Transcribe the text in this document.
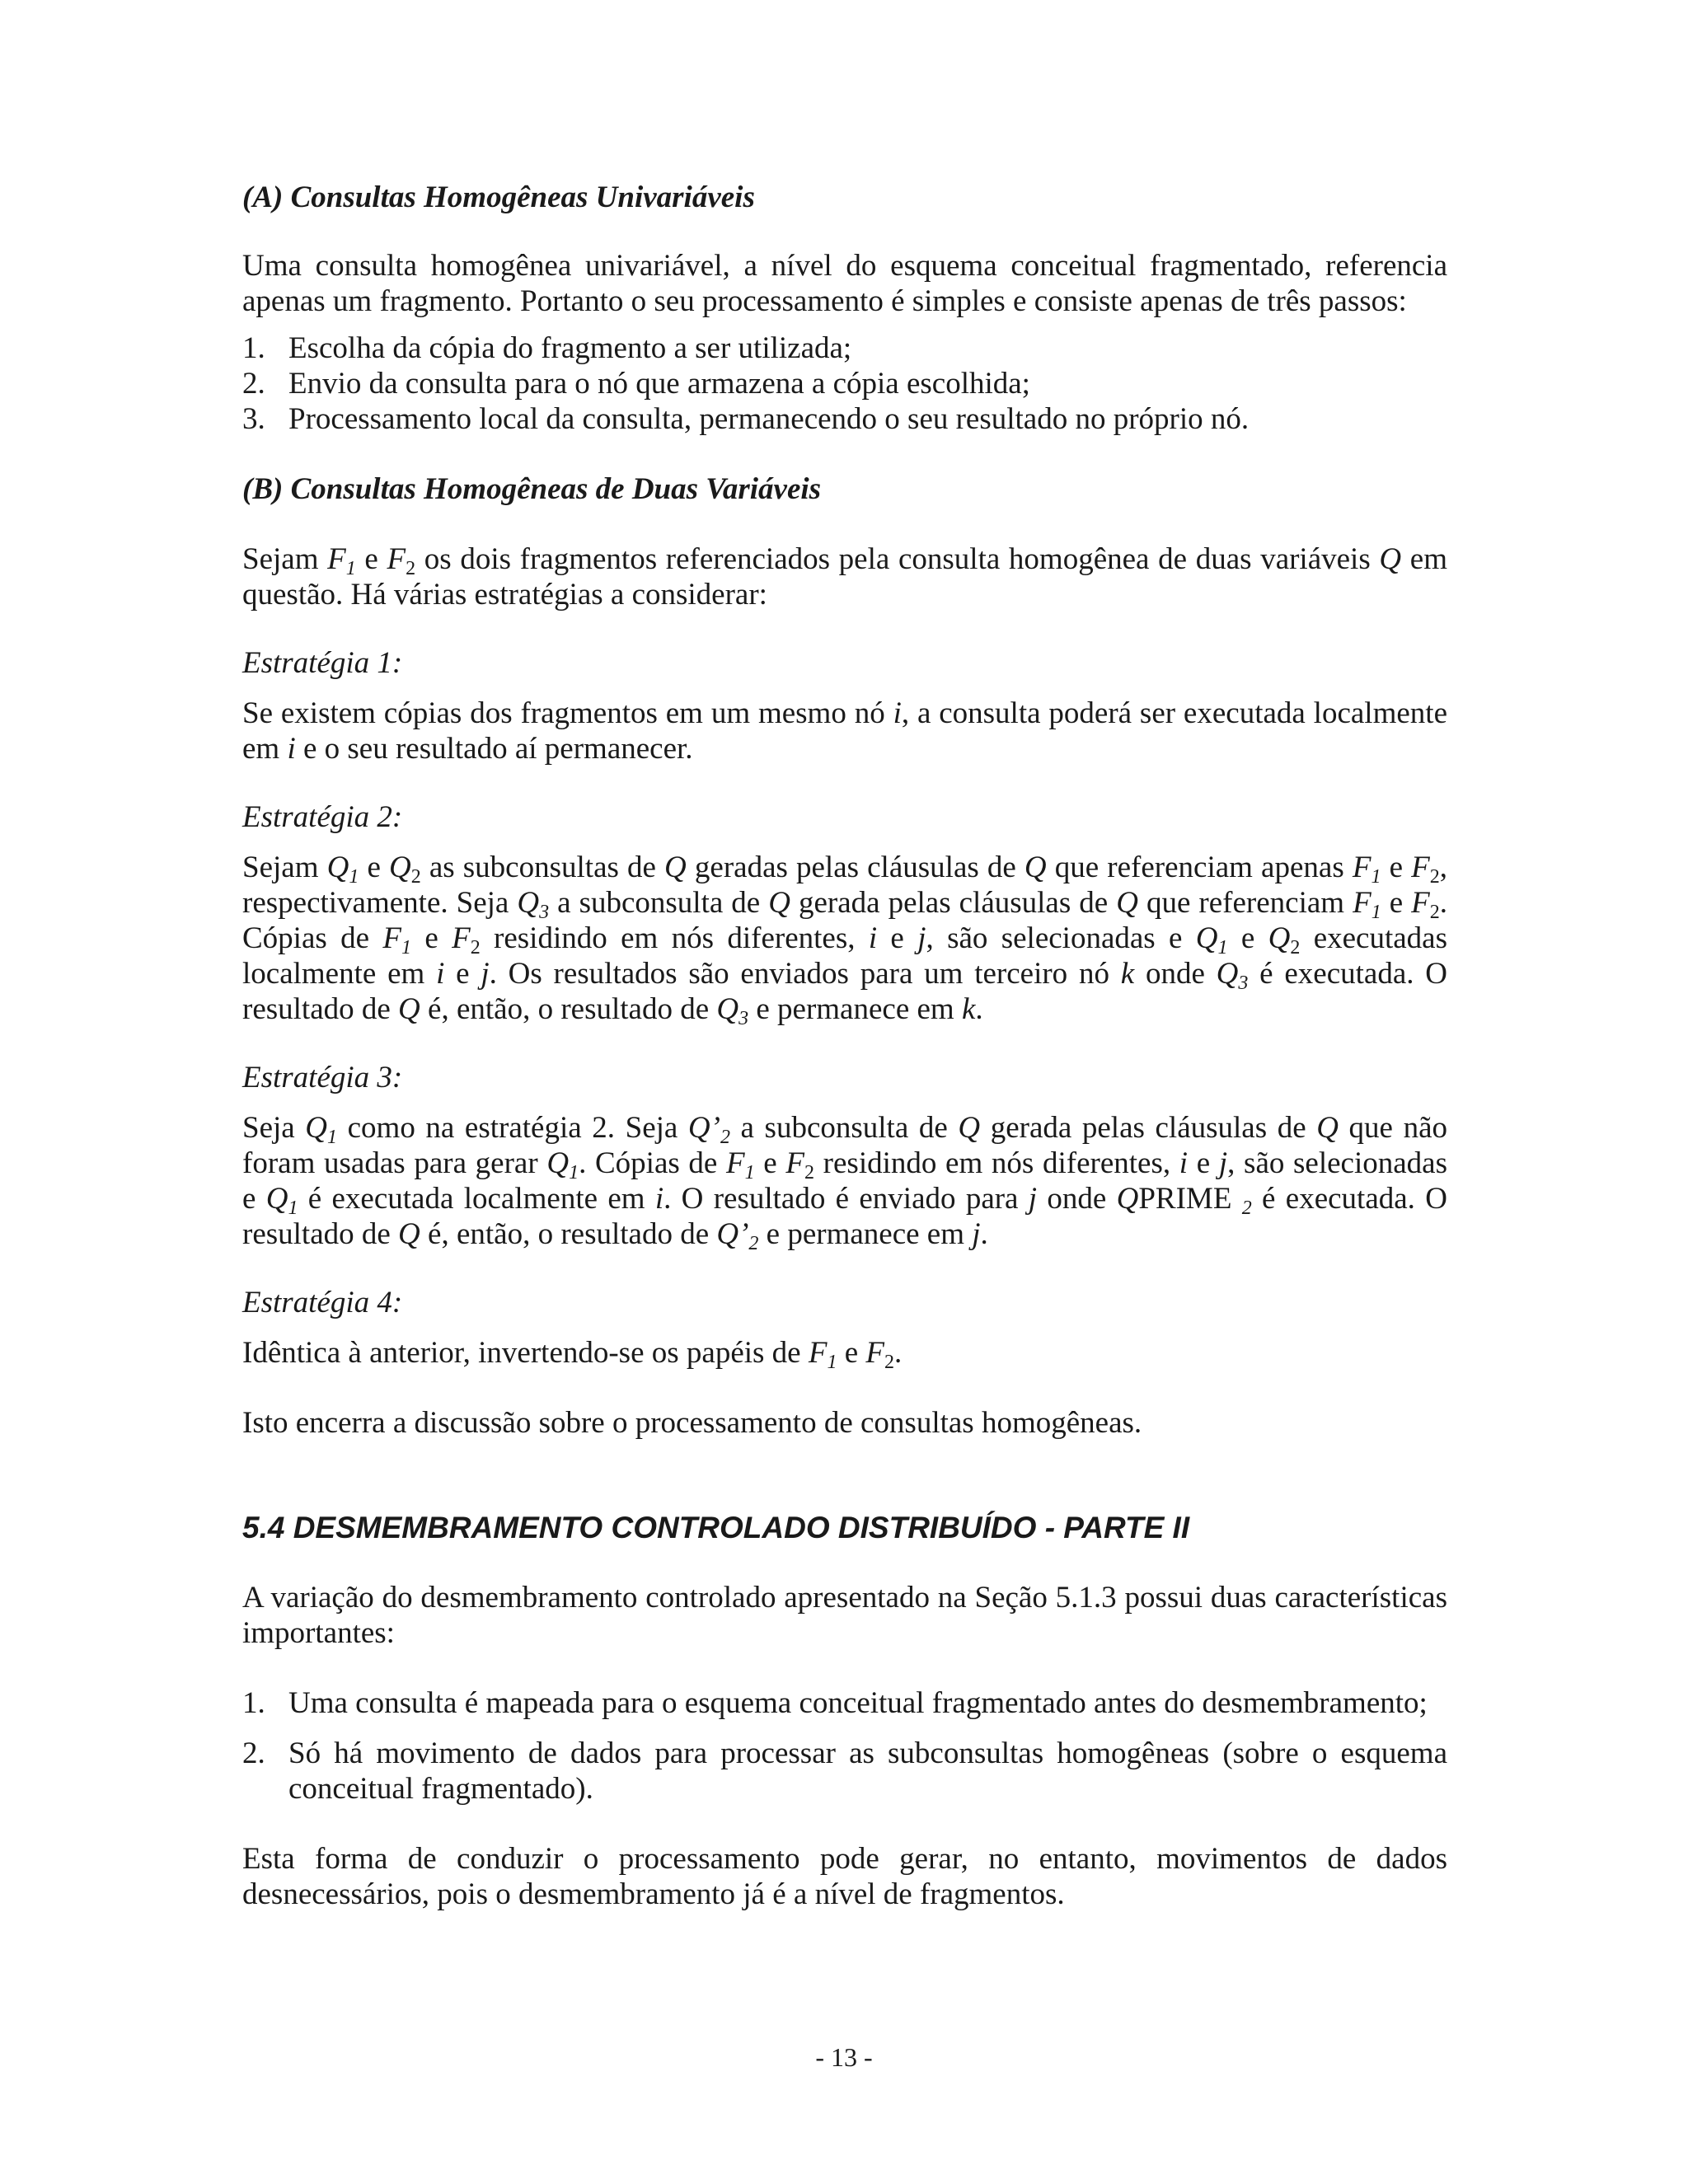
(A) Consultas Homogêneas Univariáveis

Uma consulta homogênea univariável, a nível do esquema conceitual fragmentado, referencia apenas um fragmento. Portanto o seu processamento é simples e consiste apenas de três passos:

1. Escolha da cópia do fragmento a ser utilizada;
2. Envio da consulta para o nó que armazena a cópia escolhida;
3. Processamento local da consulta, permanecendo o seu resultado no próprio nó.
(B) Consultas Homogêneas de Duas Variáveis

Sejam $F_1$ e $F_2$ os dois fragmentos referenciados pela consulta homogênea de duas variáveis Q em questão. Há várias estratégias a considerar:

Estratégia 1:

Se existem cópias dos fragmentos em um mesmo nó i, a consulta poderá ser executada localmente em i e o seu resultado aí permanecer.

Estratégia 2:

Sejam $Q_1$ e $Q_2$ as subconsultas de Q geradas pelas cláusulas de Q que referenciam apenas $F_1$ e $F_2$, respectivamente. Seja $Q_3$ a subconsulta de Q gerada pelas cláusulas de Q que referenciam $F_1$ e $F_2$. Cópias de $F_1$ e $F_2$ residindo em nós diferentes, i e j, são selecionadas e $Q_1$ e $Q_2$ executadas localmente em i e j. Os resultados são enviados para um terceiro nó k onde $Q_3$ é executada. O resultado de Q é, então, o resultado de $Q_3$ e permanece em k.

Estratégia 3:

Seja $Q_1$ como na estratégia 2. Seja $Q’_2$ a subconsulta de Q gerada pelas cláusulas de Q que não foram usadas para gerar $Q_1$. Cópias de $F_1$ e $F_2$ residindo em nós diferentes, i e j, são selecionadas e $Q_1$ é executada localmente em i. O resultado é enviado para j onde QPRIME $_2$ é executada. O resultado de Q é, então, o resultado de $Q’_2$ e permanece em j.

Estratégia 4:

Idêntica à anterior, invertendo-se os papéis de $F_1$ e $F_2$.

Isto encerra a discussão sobre o processamento de consultas homogêneas.

5.4 DESMEMBRAMENTO CONTROLADO DISTRIBUÍDO - PARTE II

A variação do desmembramento controlado apresentado na Seção 5.1.3 possui duas características importantes:

1. Uma consulta é mapeada para o esquema conceitual fragmentado antes do desmembramento;
2. Só há movimento de dados para processar as subconsultas homogêneas (sobre o esquema conceitual fragmentado).

Esta forma de conduzir o processamento pode gerar, no entanto, movimentos de dados desnecessários, pois o desmembramento já é a nível de fragmentos.

- 13 -
